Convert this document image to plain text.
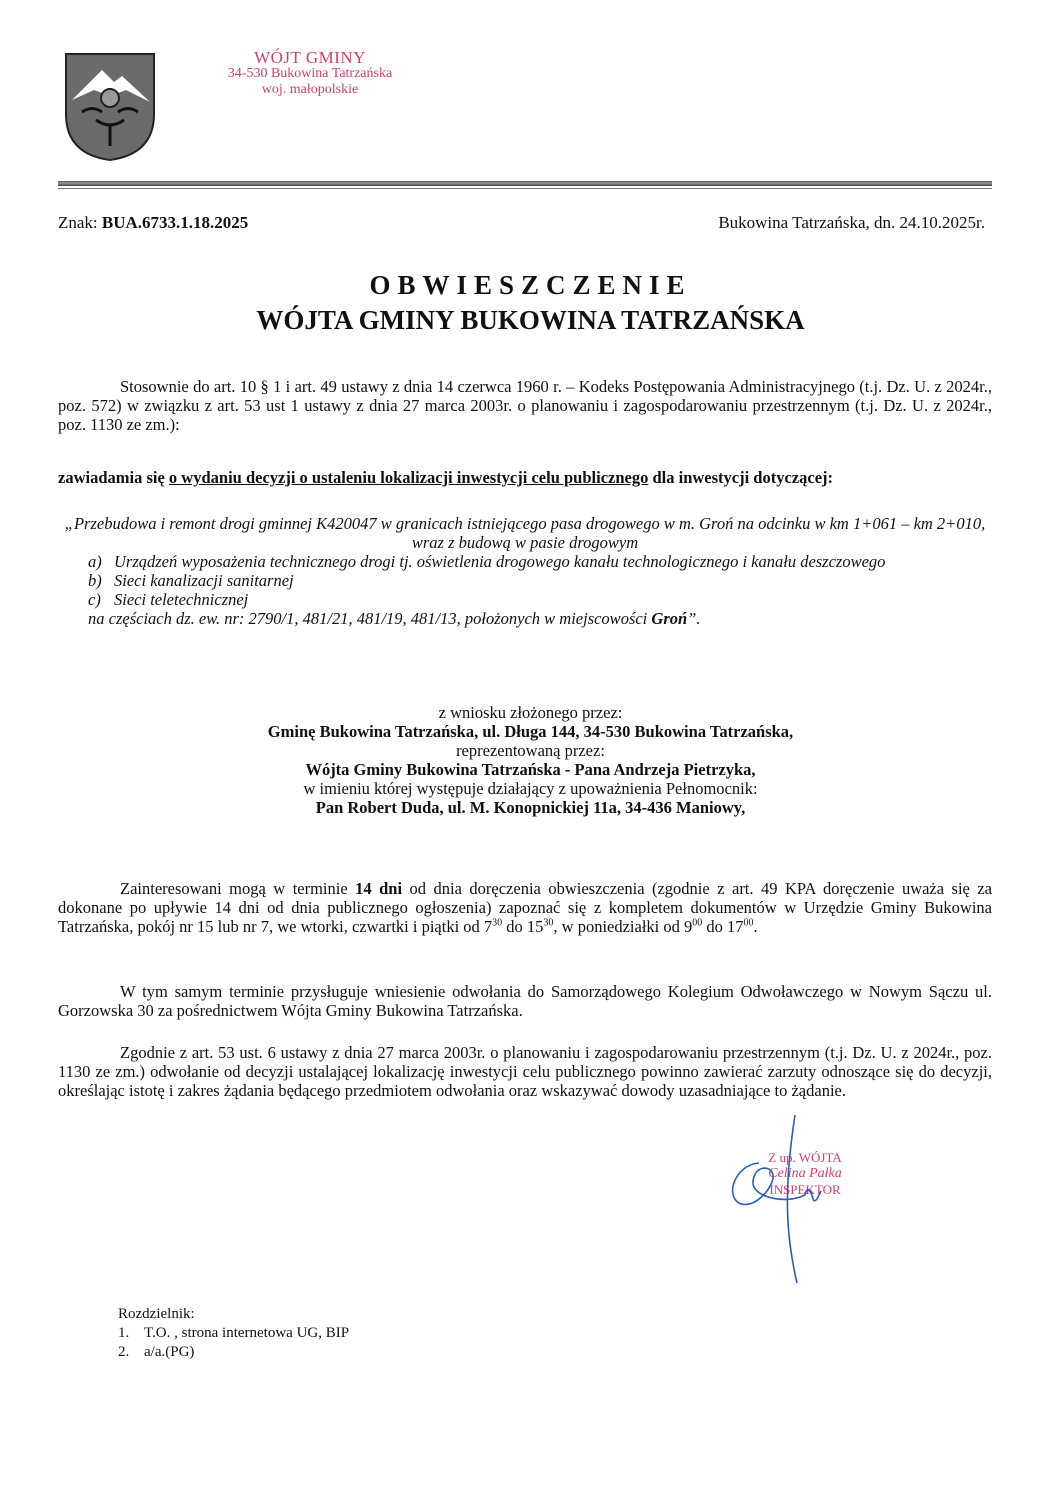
WÓJT GMINY
34-530 Bukowina Tatrzańska
woj. małopolskie
Znak: BUA.6733.1.18.2025	Bukowina Tatrzańska, dn. 24.10.2025r.
OBWIESZCZENIE
WÓJTA GMINY BUKOWINA TATRZAŃSKA
Stosownie do art. 10 § 1 i art. 49 ustawy z dnia 14 czerwca 1960 r. – Kodeks Postępowania Administracyjnego (t.j. Dz. U. z 2024r., poz. 572) w związku z art. 53 ust 1 ustawy z dnia 27 marca 2003r. o planowaniu i zagospodarowaniu przestrzennym (t.j. Dz. U. z 2024r., poz. 1130 ze zm.):
zawiadamia się o wydaniu decyzji o ustaleniu lokalizacji inwestycji celu publicznego dla inwestycji dotyczącej:
„Przebudowa i remont drogi gminnej K420047 w granicach istniejącego pasa drogowego w m. Groń na odcinku w km 1+061 – km 2+010, wraz z budową w pasie drogowym
a) Urządzeń wyposażenia technicznego drogi tj. oświetlenia drogowego kanału technologicznego i kanału deszczowego
b) Sieci kanalizacji sanitarnej
c) Sieci teletechnicznej
na częściach dz. ew. nr: 2790/1, 481/21, 481/19, 481/13, położonych w miejscowości Groń”.
z wniosku złożonego przez:
Gminę Bukowina Tatrzańska, ul. Długa 144, 34-530 Bukowina Tatrzańska,
reprezentowaną przez:
Wójta Gminy Bukowina Tatrzańska - Pana Andrzeja Pietrzyka,
w imieniu której występuje działający z upoważnienia Pełnomocnik:
Pan Robert Duda, ul. M. Konopnickiej 11a, 34-436 Maniowy,
Zainteresowani mogą w terminie 14 dni od dnia doręczenia obwieszczenia (zgodnie z art. 49 KPA doręczenie uważa się za dokonane po upływie 14 dni od dnia publicznego ogłoszenia) zapoznać się z kompletem dokumentów w Urzędzie Gminy Bukowina Tatrzańska, pokój nr 15 lub nr 7, we wtorki, czwartki i piątki od $7^{30}$ do $15^{30}$, w poniedziałki od $9^{00}$ do $17^{00}$.
W tym samym terminie przysługuje wniesienie odwołania do Samorządowego Kolegium Odwoławczego w Nowym Sączu ul. Gorzowska 30 za pośrednictwem Wójta Gminy Bukowina Tatrzańska.
Zgodnie z art. 53 ust. 6 ustawy z dnia 27 marca 2003r. o planowaniu i zagospodarowaniu przestrzennym (t.j. Dz. U. z 2024r., poz. 1130 ze zm.) odwołanie od decyzji ustalającej lokalizację inwestycji celu publicznego powinno zawierać zarzuty odnoszące się do decyzji, określając istotę i zakres żądania będącego przedmiotem odwołania oraz wskazywać dowody uzasadniające to żądanie.
Z up. WÓJTA
Celina Pałka
INSPEKTOR
Rozdzielnik:
1. T.O. , strona internetowa UG, BIP
2. a/a.(PG)
